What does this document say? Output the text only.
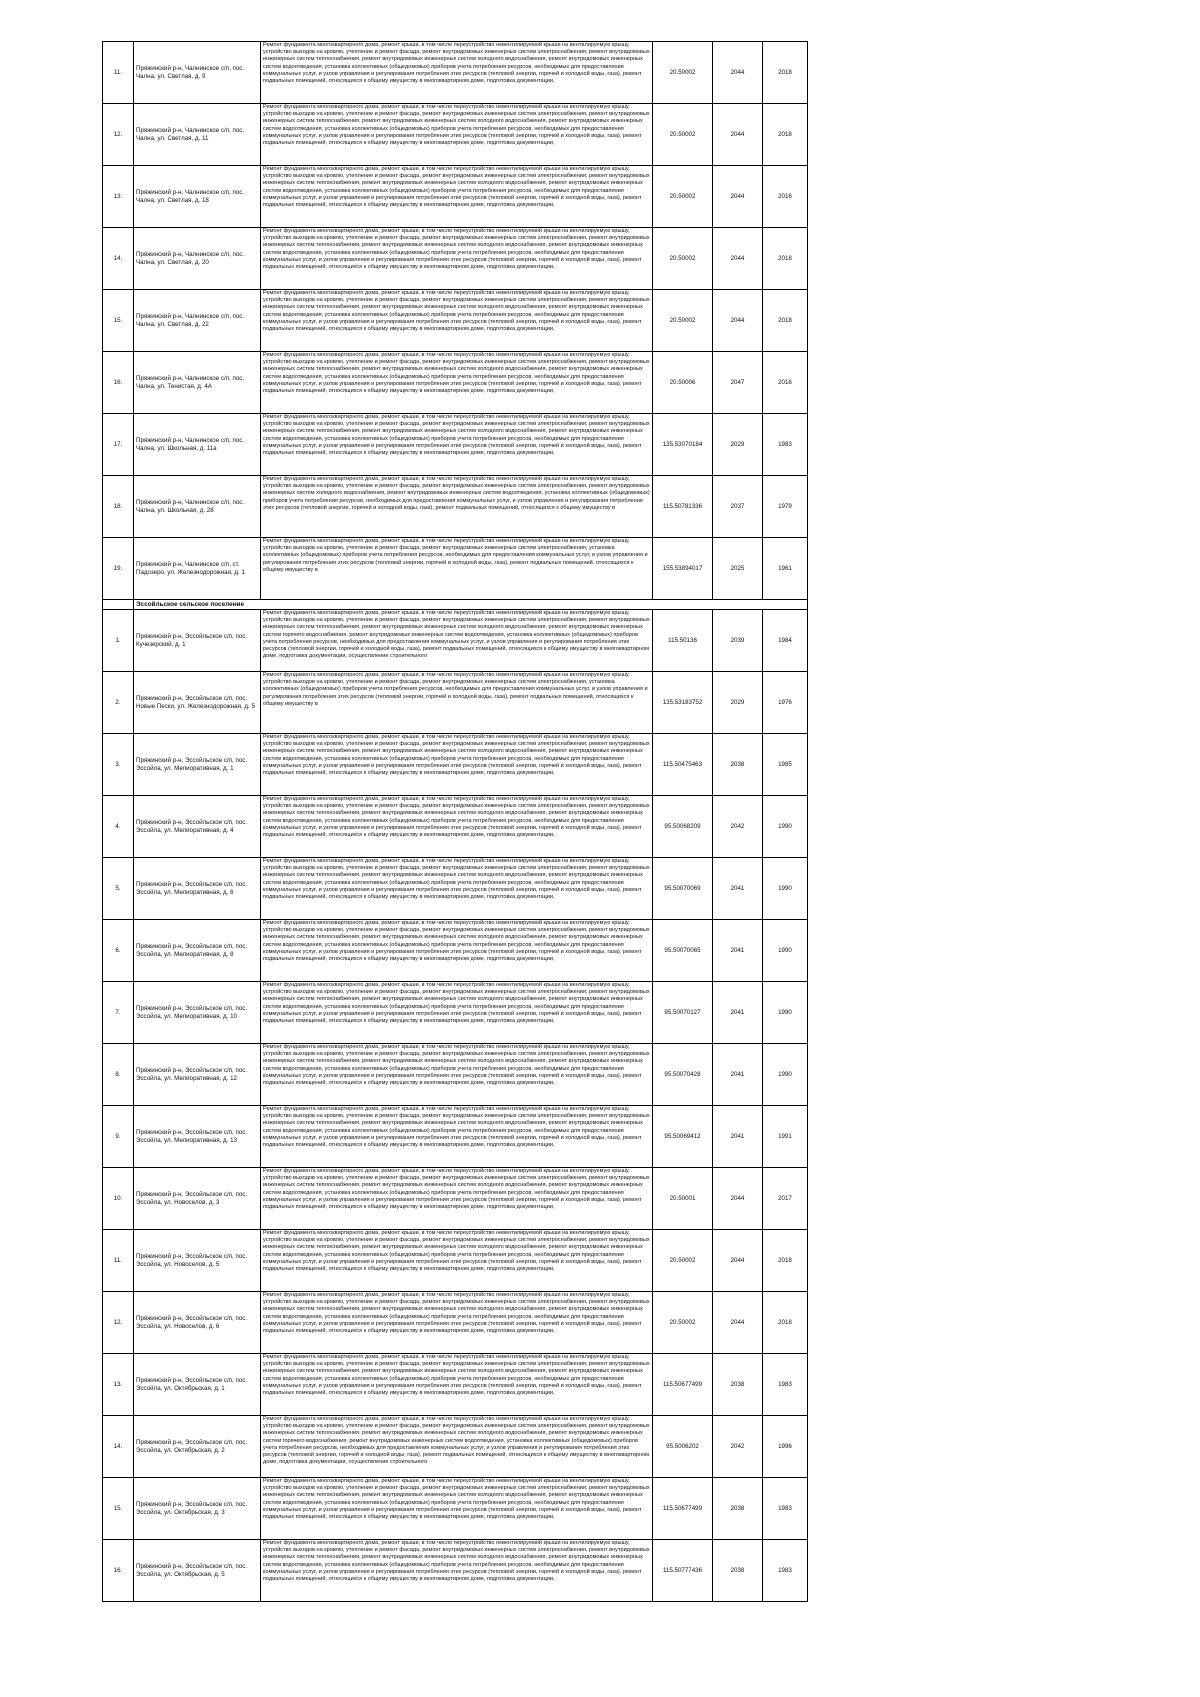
11.	Пряжинский р-н, Чалнинское с/п, пос. Чална, ул. Светлая, д. 9	Ремонт фундамента многоквартирного дома, ремонт крыши, в том числе переустройство невентилируемой крыши на вентилируемую крышу, устройство выходов на кровлю, утепление и ремонт фасада, ремонт внутридомовых инженерных систем электроснабжения, ремонт внутридомовых инженерных систем теплоснабжения, ремонт внутридомовых инженерных систем холодного водоснабжения, ремонт внутридомовых инженерных систем водоотведения, установка коллективных (общедомовых) приборов учета потребления ресурсов, необходимых для предоставления коммунальных услуг, и узлов управления и регулирования потребления этих ресурсов (тепловой энергии, горячей и холодной воды, газа), ремонт подвальных помещений, относящихся к общему имуществу в многоквартирном доме, подготовка документации,	20.50002	2044	2018
12.	Пряжинский р-н, Чалнинское с/п, пос. Чална, ул. Светлая, д. 11	Ремонт фундамента многоквартирного дома, ремонт крыши, в том числе переустройство невентилируемой крыши на вентилируемую крышу, устройство выходов на кровлю, утепление и ремонт фасада, ремонт внутридомовых инженерных систем электроснабжения, ремонт внутридомовых инженерных систем теплоснабжения, ремонт внутридомовых инженерных систем холодного водоснабжения, ремонт внутридомовых инженерных систем водоотведения, установка коллективных (общедомовых) приборов учета потребления ресурсов, необходимых для предоставления коммунальных услуг, и узлов управления и регулирования потребления этих ресурсов (тепловой энергии, горячей и холодной воды, газа), ремонт подвальных помещений, относящихся к общему имуществу в многоквартирном доме, подготовка документации,	20.50002	2044	2018
13.	Пряжинский р-н, Чалнинское с/п, пос. Чална, ул. Светлая, д. 18	Ремонт фундамента многоквартирного дома, ремонт крыши, в том числе переустройство невентилируемой крыши на вентилируемую крышу, устройство выходов на кровлю, утепление и ремонт фасада, ремонт внутридомовых инженерных систем электроснабжения, ремонт внутридомовых инженерных систем теплоснабжения, ремонт внутридомовых инженерных систем холодного водоснабжения, ремонт внутридомовых инженерных систем водоотведения, установка коллективных (общедомовых) приборов учета потребления ресурсов, необходимых для предоставления коммунальных услуг, и узлов управления и регулирования потребления этих ресурсов (тепловой энергии, горячей и холодной воды, газа), ремонт подвальных помещений, относящихся к общему имуществу в многоквартирном доме, подготовка документации,	20.50002	2044	2016
14.	Пряжинский р-н, Чалнинское с/п, пос. Чална, ул. Светлая, д. 20	Ремонт фундамента многоквартирного дома, ремонт крыши, в том числе переустройство невентилируемой крыши на вентилируемую крышу, устройство выходов на кровлю, утепление и ремонт фасада, ремонт внутридомовых инженерных систем электроснабжения, ремонт внутридомовых инженерных систем теплоснабжения, ремонт внутридомовых инженерных систем холодного водоснабжения, ремонт внутридомовых инженерных систем водоотведения, установка коллективных (общедомовых) приборов учета потребления ресурсов, необходимых для предоставления коммунальных услуг, и узлов управления и регулирования потребления этих ресурсов (тепловой энергии, горячей и холодной воды, газа), ремонт подвальных помещений, относящихся к общему имуществу в многоквартирном доме, подготовка документации,	20.50002	2044	2018
15.	Пряжинский р-н, Чалнинское с/п, пос. Чална, ул. Светлая, д. 22	Ремонт фундамента многоквартирного дома, ремонт крыши, в том числе переустройство невентилируемой крыши на вентилируемую крышу, устройство выходов на кровлю, утепление и ремонт фасада, ремонт внутридомовых инженерных систем электроснабжения, ремонт внутридомовых инженерных систем теплоснабжения, ремонт внутридомовых инженерных систем холодного водоснабжения, ремонт внутридомовых инженерных систем водоотведения, установка коллективных (общедомовых) приборов учета потребления ресурсов, необходимых для предоставления коммунальных услуг, и узлов управления и регулирования потребления этих ресурсов (тепловой энергии, горячей и холодной воды, газа), ремонт подвальных помещений, относящихся к общему имуществу в многоквартирном доме, подготовка документации,	20.50002	2044	2018
16.	Пряжинский р-н, Чалнинское с/п, пос. Чална, ул. Тенистая, д. 4А	Ремонт фундамента многоквартирного дома, ремонт крыши, в том числе переустройство невентилируемой крыши на вентилируемую крышу, устройство выходов на кровлю, утепление и ремонт фасада, ремонт внутридомовых инженерных систем электроснабжения, ремонт внутридомовых инженерных систем теплоснабжения, ремонт внутридомовых инженерных систем холодного водоснабжения, ремонт внутридомовых инженерных систем водоотведения, установка коллективных (общедомовых) приборов учета потребления ресурсов, необходимых для предоставления коммунальных услуг, и узлов управления и регулирования потребления этих ресурсов (тепловой энергии, горячей и холодной воды, газа), ремонт подвальных помещений, относящихся к общему имуществу в многоквартирном доме, подготовка документации,	20.50006	2047	2016
17.	Пряжинский р-н, Чалнинское с/п, пос. Чална, ул. Школьная, д. 11а	Ремонт фундамента многоквартирного дома, ремонт крыши, в том числе переустройство невентилируемой крыши на вентилируемую крышу, устройство выходов на кровлю, утепление и ремонт фасада, ремонт внутридомовых инженерных систем электроснабжения, ремонт внутридомовых инженерных систем теплоснабжения, ремонт внутридомовых инженерных систем холодного водоснабжения, ремонт внутридомовых инженерных систем водоотведения, установка коллективных (общедомовых) приборов учета потребления ресурсов, необходимых для предоставления коммунальных услуг, и узлов управления и регулирования потребления этих ресурсов (тепловой энергии, горячей и холодной воды, газа), ремонт подвальных помещений, относящихся к общему имуществу в многоквартирном доме, подготовка документации,	135.53070184	2029	1983
18.	Пряжинский р-н, Чалнинское с/п, пос. Чална, ул. Школьная, д. 28	Ремонт фундамента многоквартирного дома, ремонт крыши, в том числе переустройство невентилируемой крыши на вентилируемую крышу, устройство выходов на кровлю, утепление и ремонт фасада, ремонт внутридомовых инженерных систем электроснабжения, ремонт внутридомовых инженерных систем холодного водоснабжения, ремонт внутридомовых инженерных систем водоотведения, установка коллективных (общедомовых) приборов учета потребления ресурсов, необходимых для предоставления коммунальных услуг, и узлов управления и регулирования потребления этих ресурсов (тепловой энергии, горячей и холодной воды, газа), ремонт подвальных помещений, относящихся к общему имуществу в	115.50781336	2037	1979
19.	Пряжинский р-н, Чалнинское с/п, ст. Падозеро, ул. Железнодорожная, д. 1	Ремонт фундамента многоквартирного дома, ремонт крыши, в том числе переустройство невентилируемой крыши на вентилируемую крышу, устройство выходов на кровлю, утепление и ремонт фасада, ремонт внутридомовых инженерных систем электроснабжения, установка коллективных (общедомовых) приборов учета потребления ресурсов, необходимых для предоставления коммунальных услуг, и узлов управления и регулирования потребления этих ресурсов (тепловой энергии, горячей и холодной воды, газа), ремонт подвальных помещений, относящихся к общему имуществу в	155.53894017	2025	1961
	Эссойльское сельское поселение				
1.	Пряжинский р-н, Эссойльское с/п, пос. Кучезерский, д. 1	Ремонт фундамента многоквартирного дома, ремонт крыши, в том числе переустройство невентилируемой крыши на вентилируемую крышу, устройство выходов на кровлю, утепление и ремонт фасада, ремонт внутридомовых инженерных систем электроснабжения, ремонт внутридомовых инженерных систем теплоснабжения, ремонт внутридомовых инженерных систем холодного водоснабжения, ремонт внутридомовых инженерных систем горячего водоснабжения, ремонт внутридомовых инженерных систем водоотведения, установка коллективных (общедомовых) приборов учета потребления ресурсов, необходимых для предоставления коммунальных услуг, и узлов управления и регулирования потребления этих ресурсов (тепловой энергии, горячей и холодной воды, газа), ремонт подвальных помещений, относящихся к общему имуществу в многоквартирном доме, подготовка документации, осуществление строительного	115.50136	2039	1984
2.	Пряжинский р-н, Эссойльское с/п, пос. Новые Пески, ул. Железнодорожная, д. 5	Ремонт фундамента многоквартирного дома, ремонт крыши, в том числе переустройство невентилируемой крыши на вентилируемую крышу, устройство выходов на кровлю, утепление и ремонт фасада, ремонт внутридомовых инженерных систем электроснабжения, установка коллективных (общедомовых) приборов учета потребления ресурсов, необходимых для предоставления коммунальных услуг, и узлов управления и регулирования потребления этих ресурсов (тепловой энергии, горячей и холодной воды, газа), ремонт подвальных помещений, относящихся к общему имуществу в	135.53183752	2029	1976
3.	Пряжинский р-н, Эссойльское с/п, пос. Эссойла, ул. Мелиоративная, д. 1	Ремонт фундамента многоквартирного дома, ремонт крыши, в том числе переустройство невентилируемой крыши на вентилируемую крышу, устройство выходов на кровлю, утепление и ремонт фасада, ремонт внутридомовых инженерных систем электроснабжения, ремонт внутридомовых инженерных систем теплоснабжения, ремонт внутридомовых инженерных систем холодного водоснабжения, ремонт внутридомовых инженерных систем водоотведения, установка коллективных (общедомовых) приборов учета потребления ресурсов, необходимых для предоставления коммунальных услуг, и узлов управления и регулирования потребления этих ресурсов (тепловой энергии, горячей и холодной воды, газа), ремонт подвальных помещений, относящихся к общему имуществу в многоквартирном доме, подготовка документации,	115.50475463	2038	1985
4.	Пряжинский р-н, Эссойльское с/п, пос. Эссойла, ул. Мелиоративная, д. 4	Ремонт фундамента многоквартирного дома, ремонт крыши, в том числе переустройство невентилируемой крыши на вентилируемую крышу, устройство выходов на кровлю, утепление и ремонт фасада, ремонт внутридомовых инженерных систем электроснабжения, ремонт внутридомовых инженерных систем теплоснабжения, ремонт внутридомовых инженерных систем холодного водоснабжения, ремонт внутридомовых инженерных систем водоотведения, установка коллективных (общедомовых) приборов учета потребления ресурсов, необходимых для предоставления коммунальных услуг, и узлов управления и регулирования потребления этих ресурсов (тепловой энергии, горячей и холодной воды, газа), ремонт подвальных помещений, относящихся к общему имуществу в многоквартирном доме, подготовка документации,	95.50068209	2042	1990
5.	Пряжинский р-н, Эссойльское с/п, пос. Эссойла, ул. Мелиоративная, д. 6	Ремонт фундамента многоквартирного дома, ремонт крыши, в том числе переустройство невентилируемой крыши на вентилируемую крышу, устройство выходов на кровлю, утепление и ремонт фасада, ремонт внутридомовых инженерных систем электроснабжения, ремонт внутридомовых инженерных систем теплоснабжения, ремонт внутридомовых инженерных систем холодного водоснабжения, ремонт внутридомовых инженерных систем водоотведения, установка коллективных (общедомовых) приборов учета потребления ресурсов, необходимых для предоставления коммунальных услуг, и узлов управления и регулирования потребления этих ресурсов (тепловой энергии, горячей и холодной воды, газа), ремонт подвальных помещений, относящихся к общему имуществу в многоквартирном доме, подготовка документации,	95.50070069	2041	1990
6.	Пряжинский р-н, Эссойльское с/п, пос. Эссойла, ул. Мелиоративная, д. 8	Ремонт фундамента многоквартирного дома, ремонт крыши, в том числе переустройство невентилируемой крыши на вентилируемую крышу, устройство выходов на кровлю, утепление и ремонт фасада, ремонт внутридомовых инженерных систем электроснабжения, ремонт внутридомовых инженерных систем теплоснабжения, ремонт внутридомовых инженерных систем холодного водоснабжения, ремонт внутридомовых инженерных систем водоотведения, установка коллективных (общедомовых) приборов учета потребления ресурсов, необходимых для предоставления коммунальных услуг, и узлов управления и регулирования потребления этих ресурсов (тепловой энергии, горячей и холодной воды, газа), ремонт подвальных помещений, относящихся к общему имуществу в многоквартирном доме, подготовка документации,	95.50070065	2041	1990
7.	Пряжинский р-н, Эссойльское с/п, пос. Эссойла, ул. Мелиоративная, д. 10	Ремонт фундамента многоквартирного дома, ремонт крыши, в том числе переустройство невентилируемой крыши на вентилируемую крышу, устройство выходов на кровлю, утепление и ремонт фасада, ремонт внутридомовых инженерных систем электроснабжения, ремонт внутридомовых инженерных систем теплоснабжения, ремонт внутридомовых инженерных систем холодного водоснабжения, ремонт внутридомовых инженерных систем водоотведения, установка коллективных (общедомовых) приборов учета потребления ресурсов, необходимых для предоставления коммунальных услуг, и узлов управления и регулирования потребления этих ресурсов (тепловой энергии, горячей и холодной воды, газа), ремонт подвальных помещений, относящихся к общему имуществу в многоквартирном доме, подготовка документации,	95.50070127	2041	1990
8.	Пряжинский р-н, Эссойльское с/п, пос. Эссойла, ул. Мелиоративная, д. 12	Ремонт фундамента многоквартирного дома, ремонт крыши, в том числе переустройство невентилируемой крыши на вентилируемую крышу, устройство выходов на кровлю, утепление и ремонт фасада, ремонт внутридомовых инженерных систем электроснабжения, ремонт внутридомовых инженерных систем теплоснабжения, ремонт внутридомовых инженерных систем холодного водоснабжения, ремонт внутридомовых инженерных систем водоотведения, установка коллективных (общедомовых) приборов учета потребления ресурсов, необходимых для предоставления коммунальных услуг, и узлов управления и регулирования потребления этих ресурсов (тепловой энергии, горячей и холодной воды, газа), ремонт подвальных помещений, относящихся к общему имуществу в многоквартирном доме, подготовка документации,	95.50070428	2041	1990
9.	Пряжинский р-н, Эссойльское с/п, пос. Эссойла, ул. Мелиоративная, д. 13	Ремонт фундамента многоквартирного дома, ремонт крыши, в том числе переустройство невентилируемой крыши на вентилируемую крышу, устройство выходов на кровлю, утепление и ремонт фасада, ремонт внутридомовых инженерных систем электроснабжения, ремонт внутридомовых инженерных систем теплоснабжения, ремонт внутридомовых инженерных систем холодного водоснабжения, ремонт внутридомовых инженерных систем водоотведения, установка коллективных (общедомовых) приборов учета потребления ресурсов, необходимых для предоставления коммунальных услуг, и узлов управления и регулирования потребления этих ресурсов (тепловой энергии, горячей и холодной воды, газа), ремонт подвальных помещений, относящихся к общему имуществу в многоквартирном доме, подготовка документации,	95.50069412	2041	1991
10.	Пряжинский р-н, Эссойльское с/п, пос. Эссойла, ул. Новоселов, д. 3	Ремонт фундамента многоквартирного дома, ремонт крыши, в том числе переустройство невентилируемой крыши на вентилируемую крышу, устройство выходов на кровлю, утепление и ремонт фасада, ремонт внутридомовых инженерных систем электроснабжения, ремонт внутридомовых инженерных систем теплоснабжения, ремонт внутридомовых инженерных систем холодного водоснабжения, ремонт внутридомовых инженерных систем водоотведения, установка коллективных (общедомовых) приборов учета потребления ресурсов, необходимых для предоставления коммунальных услуг, и узлов управления и регулирования потребления этих ресурсов (тепловой энергии, горячей и холодной воды, газа), ремонт подвальных помещений, относящихся к общему имуществу в многоквартирном доме, подготовка документации,	20.50001	2044	2017
11.	Пряжинский р-н, Эссойльское с/п, пос. Эссойла, ул. Новоселов, д. 5	Ремонт фундамента многоквартирного дома, ремонт крыши, в том числе переустройство невентилируемой крыши на вентилируемую крышу, устройство выходов на кровлю, утепление и ремонт фасада, ремонт внутридомовых инженерных систем электроснабжения, ремонт внутридомовых инженерных систем теплоснабжения, ремонт внутридомовых инженерных систем холодного водоснабжения, ремонт внутридомовых инженерных систем водоотведения, установка коллективных (общедомовых) приборов учета потребления ресурсов, необходимых для предоставления коммунальных услуг, и узлов управления и регулирования потребления этих ресурсов (тепловой энергии, горячей и холодной воды, газа), ремонт подвальных помещений, относящихся к общему имуществу в многоквартирном доме, подготовка документации,	20.50002	2044	2018
12.	Пряжинский р-н, Эссойльское с/п, пос. Эссойла, ул. Новоселов, д. 6	Ремонт фундамента многоквартирного дома, ремонт крыши, в том числе переустройство невентилируемой крыши на вентилируемую крышу, устройство выходов на кровлю, утепление и ремонт фасада, ремонт внутридомовых инженерных систем электроснабжения, ремонт внутридомовых инженерных систем теплоснабжения, ремонт внутридомовых инженерных систем холодного водоснабжения, ремонт внутридомовых инженерных систем водоотведения, установка коллективных (общедомовых) приборов учета потребления ресурсов, необходимых для предоставления коммунальных услуг, и узлов управления и регулирования потребления этих ресурсов (тепловой энергии, горячей и холодной воды, газа), ремонт подвальных помещений, относящихся к общему имуществу в многоквартирном доме, подготовка документации,	20.50002	2044	2018
13.	Пряжинский р-н, Эссойльское с/п, пос. Эссойла, ул. Октябрьская, д. 1	Ремонт фундамента многоквартирного дома, ремонт крыши, в том числе переустройство невентилируемой крыши на вентилируемую крышу, устройство выходов на кровлю, утепление и ремонт фасада, ремонт внутридомовых инженерных систем электроснабжения, ремонт внутридомовых инженерных систем теплоснабжения, ремонт внутридомовых инженерных систем холодного водоснабжения, ремонт внутридомовых инженерных систем водоотведения, установка коллективных (общедомовых) приборов учета потребления ресурсов, необходимых для предоставления коммунальных услуг, и узлов управления и регулирования потребления этих ресурсов (тепловой энергии, горячей и холодной воды, газа), ремонт подвальных помещений, относящихся к общему имуществу в многоквартирном доме, подготовка документации,	115.50677499	2038	1983
14.	Пряжинский р-н, Эссойльское с/п, пос. Эссойла, ул. Октябрьская, д. 2	Ремонт фундамента многоквартирного дома, ремонт крыши, в том числе переустройство невентилируемой крыши на вентилируемую крышу, устройство выходов на кровлю, утепление и ремонт фасада, ремонт внутридомовых инженерных систем электроснабжения, ремонт внутридомовых инженерных систем теплоснабжения, ремонт внутридомовых инженерных систем холодного водоснабжения, ремонт внутридомовых инженерных систем горячего водоснабжения, ремонт внутридомовых инженерных систем водоотведения, установка коллективных (общедомовых) приборов учета потребления ресурсов, необходимых для предоставления коммунальных услуг, и узлов управления и регулирования потребления этих ресурсов (тепловой энергии, горячей и холодной воды, газа), ремонт подвальных помещений, относящихся к общему имуществу в многоквартирном доме, подготовка документации, осуществление строительного	95.5006202	2042	1996
15.	Пряжинский р-н, Эссойльское с/п, пос. Эссойла, ул. Октябрьская, д. 3	Ремонт фундамента многоквартирного дома, ремонт крыши, в том числе переустройство невентилируемой крыши на вентилируемую крышу, устройство выходов на кровлю, утепление и ремонт фасада, ремонт внутридомовых инженерных систем электроснабжения, ремонт внутридомовых инженерных систем теплоснабжения, ремонт внутридомовых инженерных систем холодного водоснабжения, ремонт внутридомовых инженерных систем водоотведения, установка коллективных (общедомовых) приборов учета потребления ресурсов, необходимых для предоставления коммунальных услуг, и узлов управления и регулирования потребления этих ресурсов (тепловой энергии, горячей и холодной воды, газа), ремонт подвальных помещений, относящихся к общему имуществу в многоквартирном доме, подготовка документации,	115.50677499	2038	1983
16.	Пряжинский р-н, Эссойльское с/п, пос. Эссойла, ул. Октябрьская, д. 5	Ремонт фундамента многоквартирного дома, ремонт крыши, в том числе переустройство невентилируемой крыши на вентилируемую крышу, устройство выходов на кровлю, утепление и ремонт фасада, ремонт внутридомовых инженерных систем электроснабжения, ремонт внутридомовых инженерных систем теплоснабжения, ремонт внутридомовых инженерных систем холодного водоснабжения, ремонт внутридомовых инженерных систем водоотведения, установка коллективных (общедомовых) приборов учета потребления ресурсов, необходимых для предоставления коммунальных услуг, и узлов управления и регулирования потребления этих ресурсов (тепловой энергии, горячей и холодной воды, газа), ремонт подвальных помещений, относящихся к общему имуществу в многоквартирном доме, подготовка документации,	115.50777436	2038	1983
